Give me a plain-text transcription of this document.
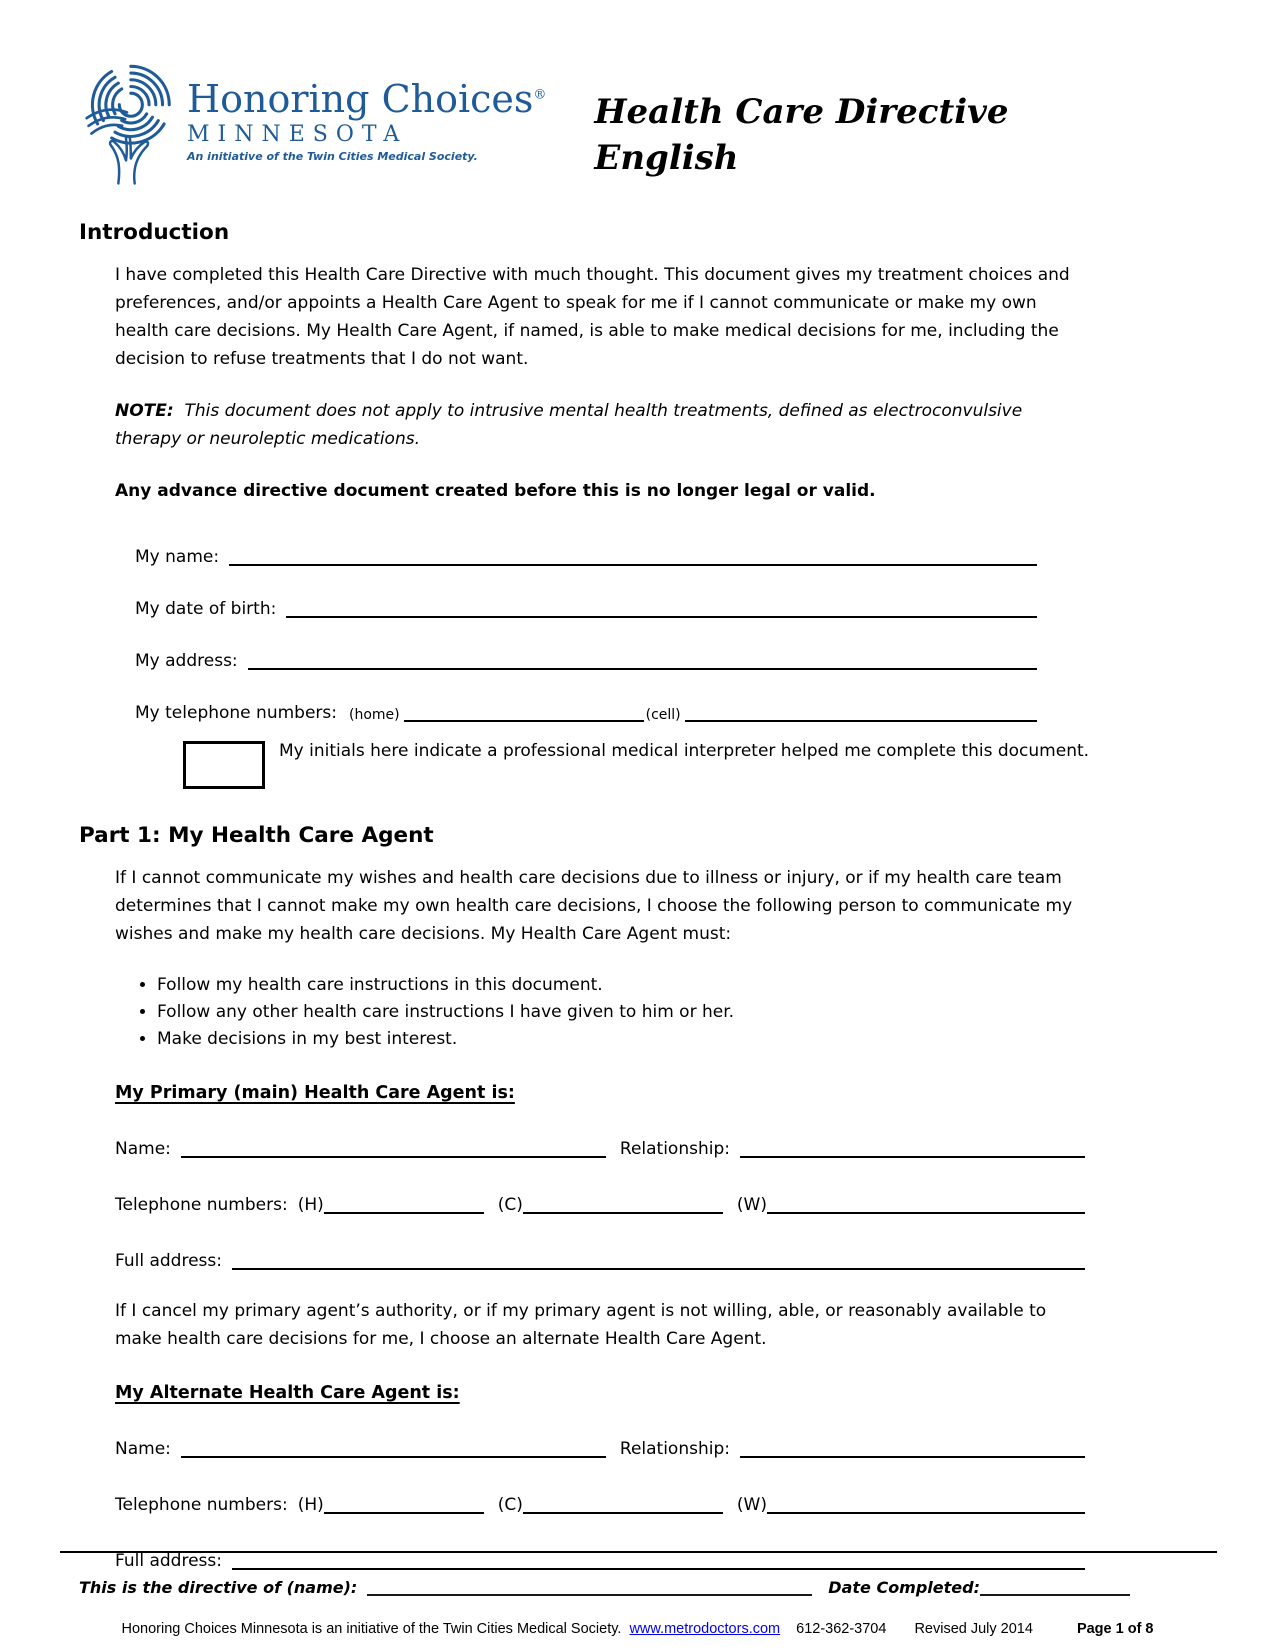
Honoring Choices®
MINNESOTA
An initiative of the Twin Cities Medical Society.
Health Care Directive
English
Introduction

I have completed this Health Care Directive with much thought. This document gives my treatment choices and preferences, and/or appoints a Health Care Agent to speak for me if I cannot communicate or make my own health care decisions. My Health Care Agent, if named, is able to make medical decisions for me, including the decision to refuse treatments that I do not want.

NOTE: This document does not apply to intrusive mental health treatments, defined as electroconvulsive therapy or neuroleptic medications.

Any advance directive document created before this is no longer legal or valid.

My name:
My date of birth:
My address:
My telephone numbers: (home)	(cell)
My initials here indicate a professional medical interpreter helped me complete this document.
Part 1: My Health Care Agent

If I cannot communicate my wishes and health care decisions due to illness or injury, or if my health care team determines that I cannot make my own health care decisions, I choose the following person to communicate my wishes and make my health care decisions. My Health Care Agent must:

• Follow my health care instructions in this document.
• Follow any other health care instructions I have given to him or her.
• Make decisions in my best interest.
My Primary (main) Health Care Agent is:
Name:	Relationship:
Telephone numbers: (H)	(C)	(W)
Full address:

If I cancel my primary agent’s authority, or if my primary agent is not willing, able, or reasonably available to make health care decisions for me, I choose an alternate Health Care Agent.

My Alternate Health Care Agent is:
Name:	Relationship:
Telephone numbers: (H)	(C)	(W)
Full address:
This is the directive of (name):	Date Completed:
Honoring Choices Minnesota is an initiative of the Twin Cities Medical Society. www.metrodoctors.com 612-362-3704 Revised July 2014	Page 1 of 8
